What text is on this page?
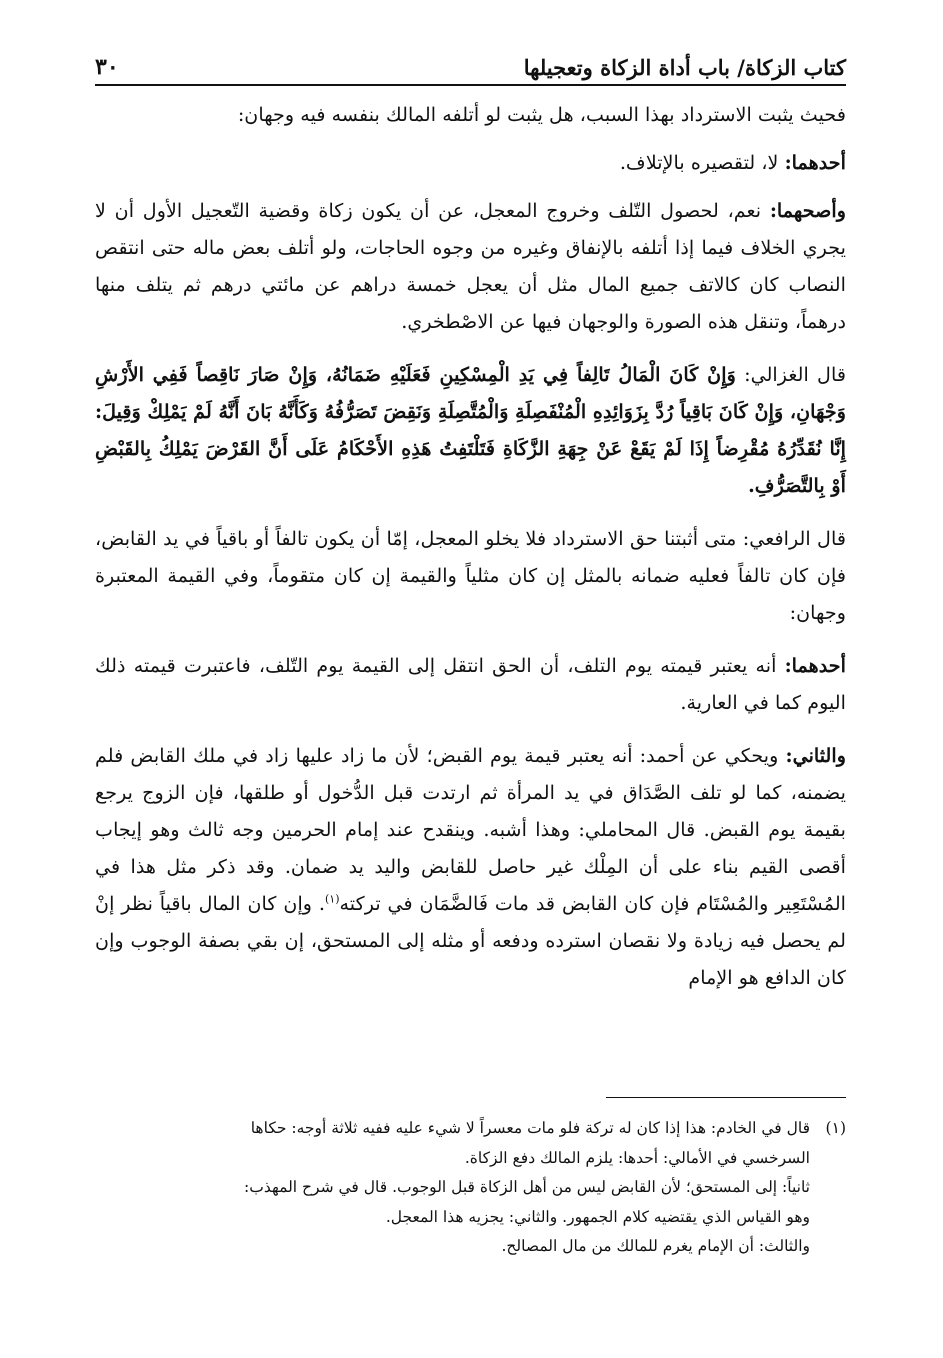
كتاب الزكاة/ باب أداة الزكاة وتعجيلها
٣٠

فحيث يثبت الاسترداد بهذا السبب، هل يثبت لو أتلفه المالك بنفسه فيه وجهان:

أحدهما: لا، لتقصيره بالإتلاف.

وأصحهما: نعم، لحصول التّلف وخروج المعجل، عن أن يكون زكاة وقضية التّعجيل الأول أن لا يجري الخلاف فيما إذا أتلفه بالإنفاق وغيره من وجوه الحاجات، ولو أتلف بعض ماله حتى انتقص النصاب كان كالاتف جميع المال مثل أن يعجل خمسة دراهم عن مائتي درهم ثم يتلف منها درهماً، وتنقل هذه الصورة والوجهان فيها عن الاصْطخري.

قال الغزالي: وَإِنْ كَانَ الْمَالُ تَالِفاً فِي يَدِ الْمِسْكِينِ فَعَلَيْهِ ضَمَانُهُ، وَإِنْ صَارَ نَاقِصاً فَفِي الأَرْشِ وَجْهَانِ، وَإِنْ كَانَ بَاقِياً رُدَّ بِزَوَائِدِهِ الْمُنْفَصِلَةِ وَالْمُتَّصِلَةِ وَنَقِضَ تَصَرُّفُهُ وَكَأَنَّهُ بَانَ أَنَّهُ لَمْ يَمْلِكْ وَقِيلَ: إِنَّا نُقَدِّرُهُ مُقْرِضاً إِذَا لَمْ يَقَعْ عَنْ جِهَةِ الزَّكَاةِ فَتَلْتَفِتُ هَذِهِ الأَحْكَامُ عَلَى أَنَّ القَرْضَ يَمْلِكُ بِالقَبْضِ أَوْ بِالتَّصَرُّفِ.

قال الرافعي: متى أثبتنا حق الاسترداد فلا يخلو المعجل، إمّا أن يكون تالفاً أو باقياً في يد القابض، فإن كان تالفاً فعليه ضمانه بالمثل إن كان مثلياً والقيمة إن كان متقوماً، وفي القيمة المعتبرة وجهان:

أحدهما: أنه يعتبر قيمته يوم التلف، أن الحق انتقل إلى القيمة يوم التّلف، فاعتبرت قيمته ذلك اليوم كما في العارية.

والثاني: ويحكي عن أحمد: أنه يعتبر قيمة يوم القبض؛ لأن ما زاد عليها زاد في ملك القابض فلم يضمنه، كما لو تلف الصَّدَاق في يد المرأة ثم ارتدت قبل الدُّخول أو طلقها، فإن الزوج يرجع بقيمة يوم القبض. قال المحاملي: وهذا أشبه. وينقدح عند إمام الحرمين وجه ثالث وهو إيجاب أقصى القيم بناء على أن المِلْك غير حاصل للقابض واليد يد ضمان. وقد ذكر مثل هذا في المُسْتَعِير والمُسْتَام فإن كان القابض قد مات فَالضَّمَان في تركته$^{(١)}$. وإن كان المال باقياً نظر إنْ لم يحصل فيه زيادة ولا نقصان استرده ودفعه أو مثله إلى المستحق، إن بقي بصفة الوجوب وإن كان الدافع هو الإمام

(١)
قال في الخادم: هذا إذا كان له تركة فلو مات معسراً لا شيء عليه ففيه ثلاثة أوجه: حكاها
السرخسي في الأمالي: أحدها: يلزم المالك دفع الزكاة.
ثانياً: إلى المستحق؛ لأن القابض ليس من أهل الزكاة قبل الوجوب. قال في شرح المهذب:
وهو القياس الذي يقتضيه كلام الجمهور. والثاني: يجزيه هذا المعجل.
والثالث: أن الإمام يغرم للمالك من مال المصالح.
